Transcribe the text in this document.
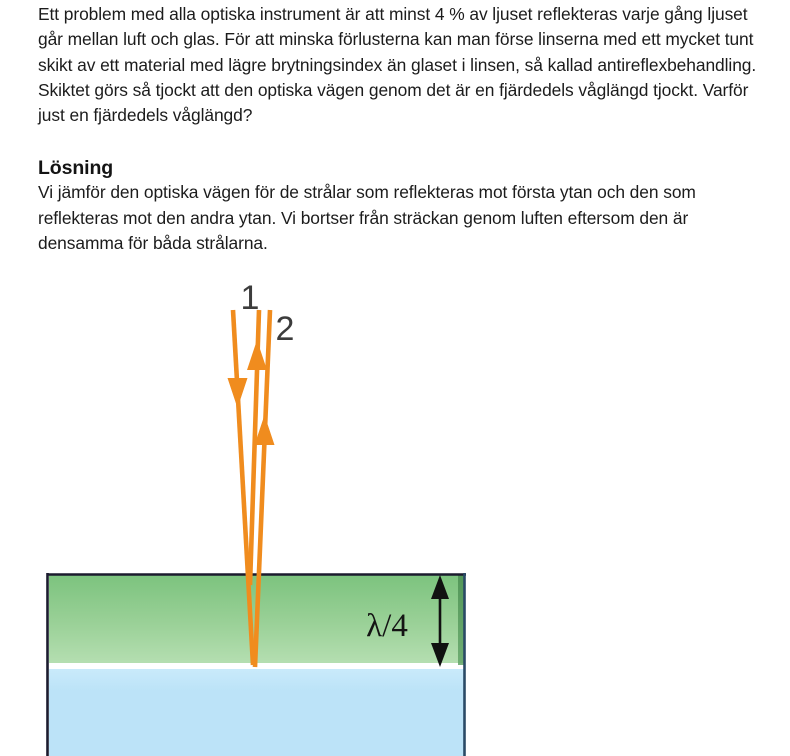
Ett problem med alla optiska instrument är att minst 4 % av ljuset reflekteras varje gång ljuset går mellan luft och glas. För att minska förlusterna kan man förse linserna med ett mycket tunt skikt av ett material med lägre brytningsindex än glaset i linsen, så kallad antireflexbehandling. Skiktet görs så tjockt att den optiska vägen genom det är en fjärdedels våglängd tjockt. Varför just en fjärdedels våglängd?

Lösning

Vi jämför den optiska vägen för de strålar som reflekteras mot första ytan och den som reflekteras mot den andra ytan. Vi bortser från sträckan genom luften eftersom den är densamma för båda strålarna.

1
2
λ/4
